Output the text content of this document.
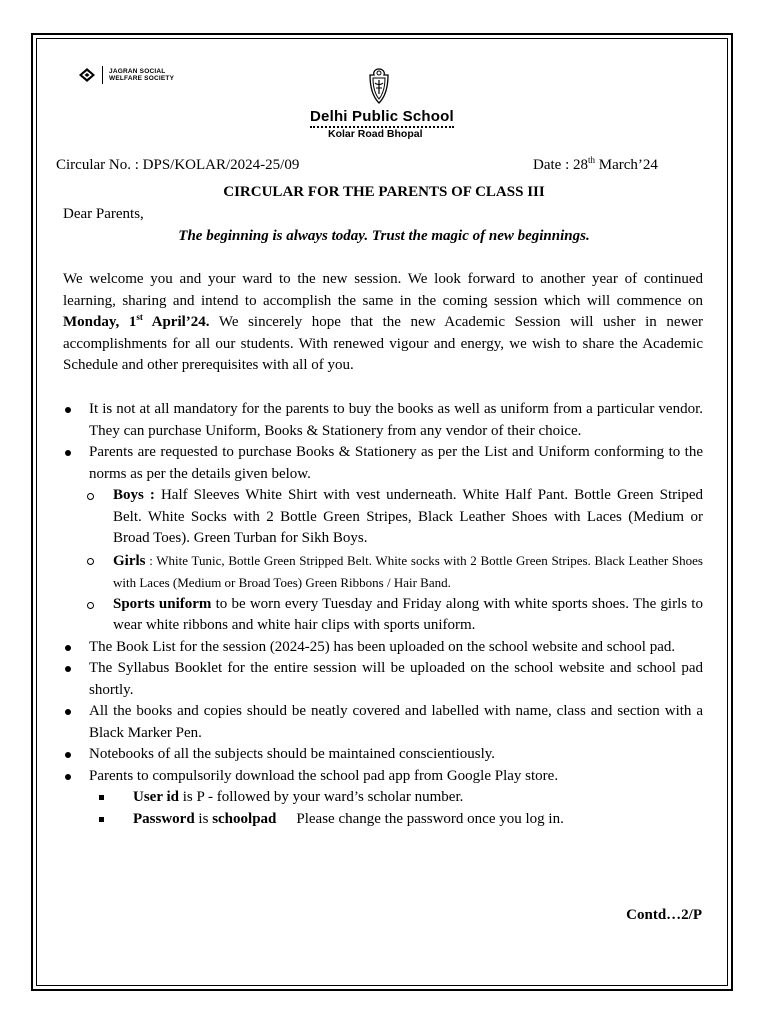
JAGRAN SOCIAL
WELFARE SOCIETY
Delhi Public School
Kolar Road Bhopal
Circular No. : DPS/KOLAR/2024-25/09	Date : 28th March’24
CIRCULAR FOR THE PARENTS OF CLASS III
Dear Parents,
The beginning is always today. Trust the magic of new beginnings.

We welcome you and your ward to the new session. We look forward to another year of continued learning, sharing and intend to accomplish the same in the coming session which will commence on Monday, 1st April’24. We sincerely hope that the new Academic Session will usher in newer accomplishments for all our students. With renewed vigour and energy, we wish to share the Academic Schedule and other prerequisites with all of you.

It is not at all mandatory for the parents to buy the books as well as uniform from a particular vendor. They can purchase Uniform, Books & Stationery from any vendor of their choice.
Parents are requested to purchase Books & Stationery as per the List and Uniform conforming to the norms as per the details given below.
Boys : Half Sleeves White Shirt with vest underneath. White Half Pant. Bottle Green Striped Belt. White Socks with 2 Bottle Green Stripes, Black Leather Shoes with Laces (Medium or Broad Toes). Green Turban for Sikh Boys.
Girls : White Tunic, Bottle Green Stripped Belt. White socks with 2 Bottle Green Stripes. Black Leather Shoes with Laces (Medium or Broad Toes) Green Ribbons / Hair Band.
Sports uniform to be worn every Tuesday and Friday along with white sports shoes. The girls to wear white ribbons and white hair clips with sports uniform.
The Book List for the session (2024-25) has been uploaded on the school website and school pad.
The Syllabus Booklet for the entire session will be uploaded on the school website and school pad shortly.
All the books and copies should be neatly covered and labelled with name, class and section with a Black Marker Pen.
Notebooks of all the subjects should be maintained conscientiously.
Parents to compulsorily download the school pad app from Google Play store.
User id is P - followed by your ward’s scholar number.
Password is schoolpad Please change the password once you log in.
Contd…2/P
